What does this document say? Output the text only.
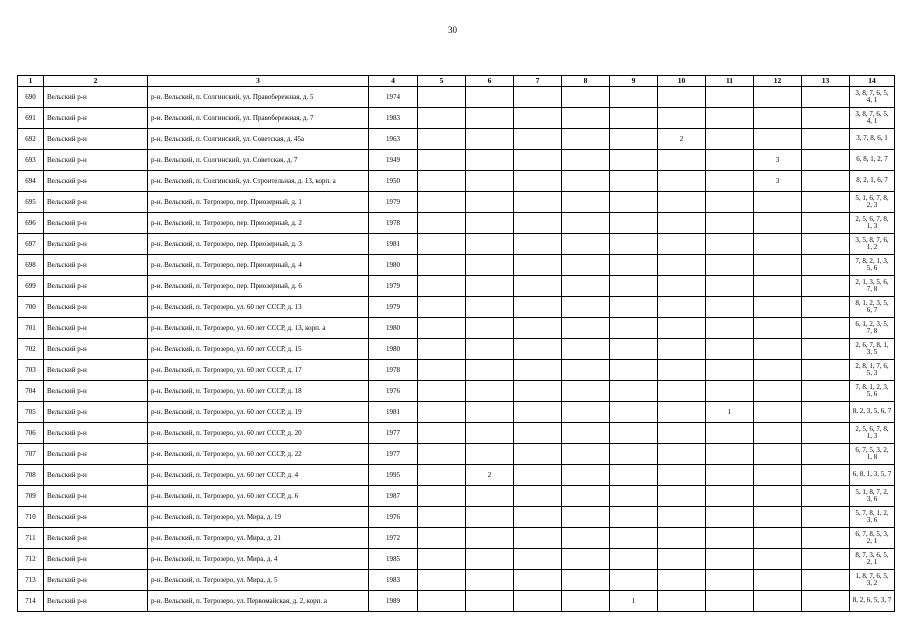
30
1	2	3	4	5	6	7	8	9	10	11	12	13	14
690	Вельский р-н	р-н. Вельский, п. Солгинский, ул. Правобережная, д. 5	1974										3, 8, 7, 6, 5, 4, 1
691	Вельский р-н	р-н. Вельский, п. Солгинский, ул. Правобережная, д. 7	1983										3, 8, 7, 6, 5, 4, 1
692	Вельский р-н	р-н. Вельский, п. Солгинский, ул. Советская, д. 45а	1963						2				3, 7, 8, 6, 1
693	Вельский р-н	р-н. Вельский, п. Солгинский, ул. Советская, д. 7	1949								3		6, 8, 1, 2, 7
694	Вельский р-н	р-н. Вельский, п. Солгинский, ул. Строительная, д. 13, корп. а	1950								3		8, 2, 1, 6, 7
695	Вельский р-н	р-н. Вельский, п. Тегрозеро, пер. Приозерный, д. 1	1979										5, 1, 6, 7, 8, 2, 3
696	Вельский р-н	р-н. Вельский, п. Тегрозеро, пер. Приозерный, д. 2	1978										2, 5, 6, 7, 8, 1, 3
697	Вельский р-н	р-н. Вельский, п. Тегрозеро, пер. Приозерный, д. 3	1981										3, 5, 8, 7, 6, 1, 2
698	Вельский р-н	р-н. Вельский, п. Тегрозеро, пер. Приозерный, д. 4	1980										7, 8, 2, 1, 3, 5, 6
699	Вельский р-н	р-н. Вельский, п. Тегрозеро, пер. Приозерный, д. 6	1979										2, 1, 3, 5, 6, 7, 8
700	Вельский р-н	р-н. Вельский, п. Тегрозеро, ул. 60 лет СССР, д. 13	1979										8, 1, 2, 3, 5, 6, 7
701	Вельский р-н	р-н. Вельский, п. Тегрозеро, ул. 60 лет СССР, д. 13, корп. а	1980										6, 1, 2, 3, 5, 7, 8
702	Вельский р-н	р-н. Вельский, п. Тегрозеро, ул. 60 лет СССР, д. 15	1980										2, 6, 7, 8, 1, 3, 5
703	Вельский р-н	р-н. Вельский, п. Тегрозеро, ул. 60 лет СССР, д. 17	1978										2, 8, 1, 7, 6, 5, 3
704	Вельский р-н	р-н. Вельский, п. Тегрозеро, ул. 60 лет СССР, д. 18	1976										7, 8, 1, 2, 3, 5, 6
705	Вельский р-н	р-н. Вельский, п. Тегрозеро, ул. 60 лет СССР, д. 19	1981							1			8, 2, 3, 5, 6, 7
706	Вельский р-н	р-н. Вельский, п. Тегрозеро, ул. 60 лет СССР, д. 20	1977										2, 5, 6, 7, 8, 1, 3
707	Вельский р-н	р-н. Вельский, п. Тегрозеро, ул. 60 лет СССР, д. 22	1977										6, 7, 5, 3, 2, 1, 8
708	Вельский р-н	р-н. Вельский, п. Тегрозеро, ул. 60 лет СССР, д. 4	1995		2								6, 8, 1, 3, 5, 7
709	Вельский р-н	р-н. Вельский, п. Тегрозеро, ул. 60 лет СССР, д. 6	1987										5, 1, 8, 7, 2, 3, 6
710	Вельский р-н	р-н. Вельский, п. Тегрозеро, ул. Мира, д. 19	1976										5, 7, 8, 1, 2, 3, 6
711	Вельский р-н	р-н. Вельский, п. Тегрозеро, ул. Мира, д. 21	1972										6, 7, 8, 5, 3, 2, 1
712	Вельский р-н	р-н. Вельский, п. Тегрозеро, ул. Мира, д. 4	1985										8, 7, 3, 6, 5, 2, 1
713	Вельский р-н	р-н. Вельский, п. Тегрозеро, ул. Мира, д. 5	1983										1, 8, 7, 6, 5, 3, 2
714	Вельский р-н	р-н. Вельский, п. Тегрозеро, ул. Первомайская, д. 2, корп. а	1989					1					8, 2, 6, 5, 3, 7
